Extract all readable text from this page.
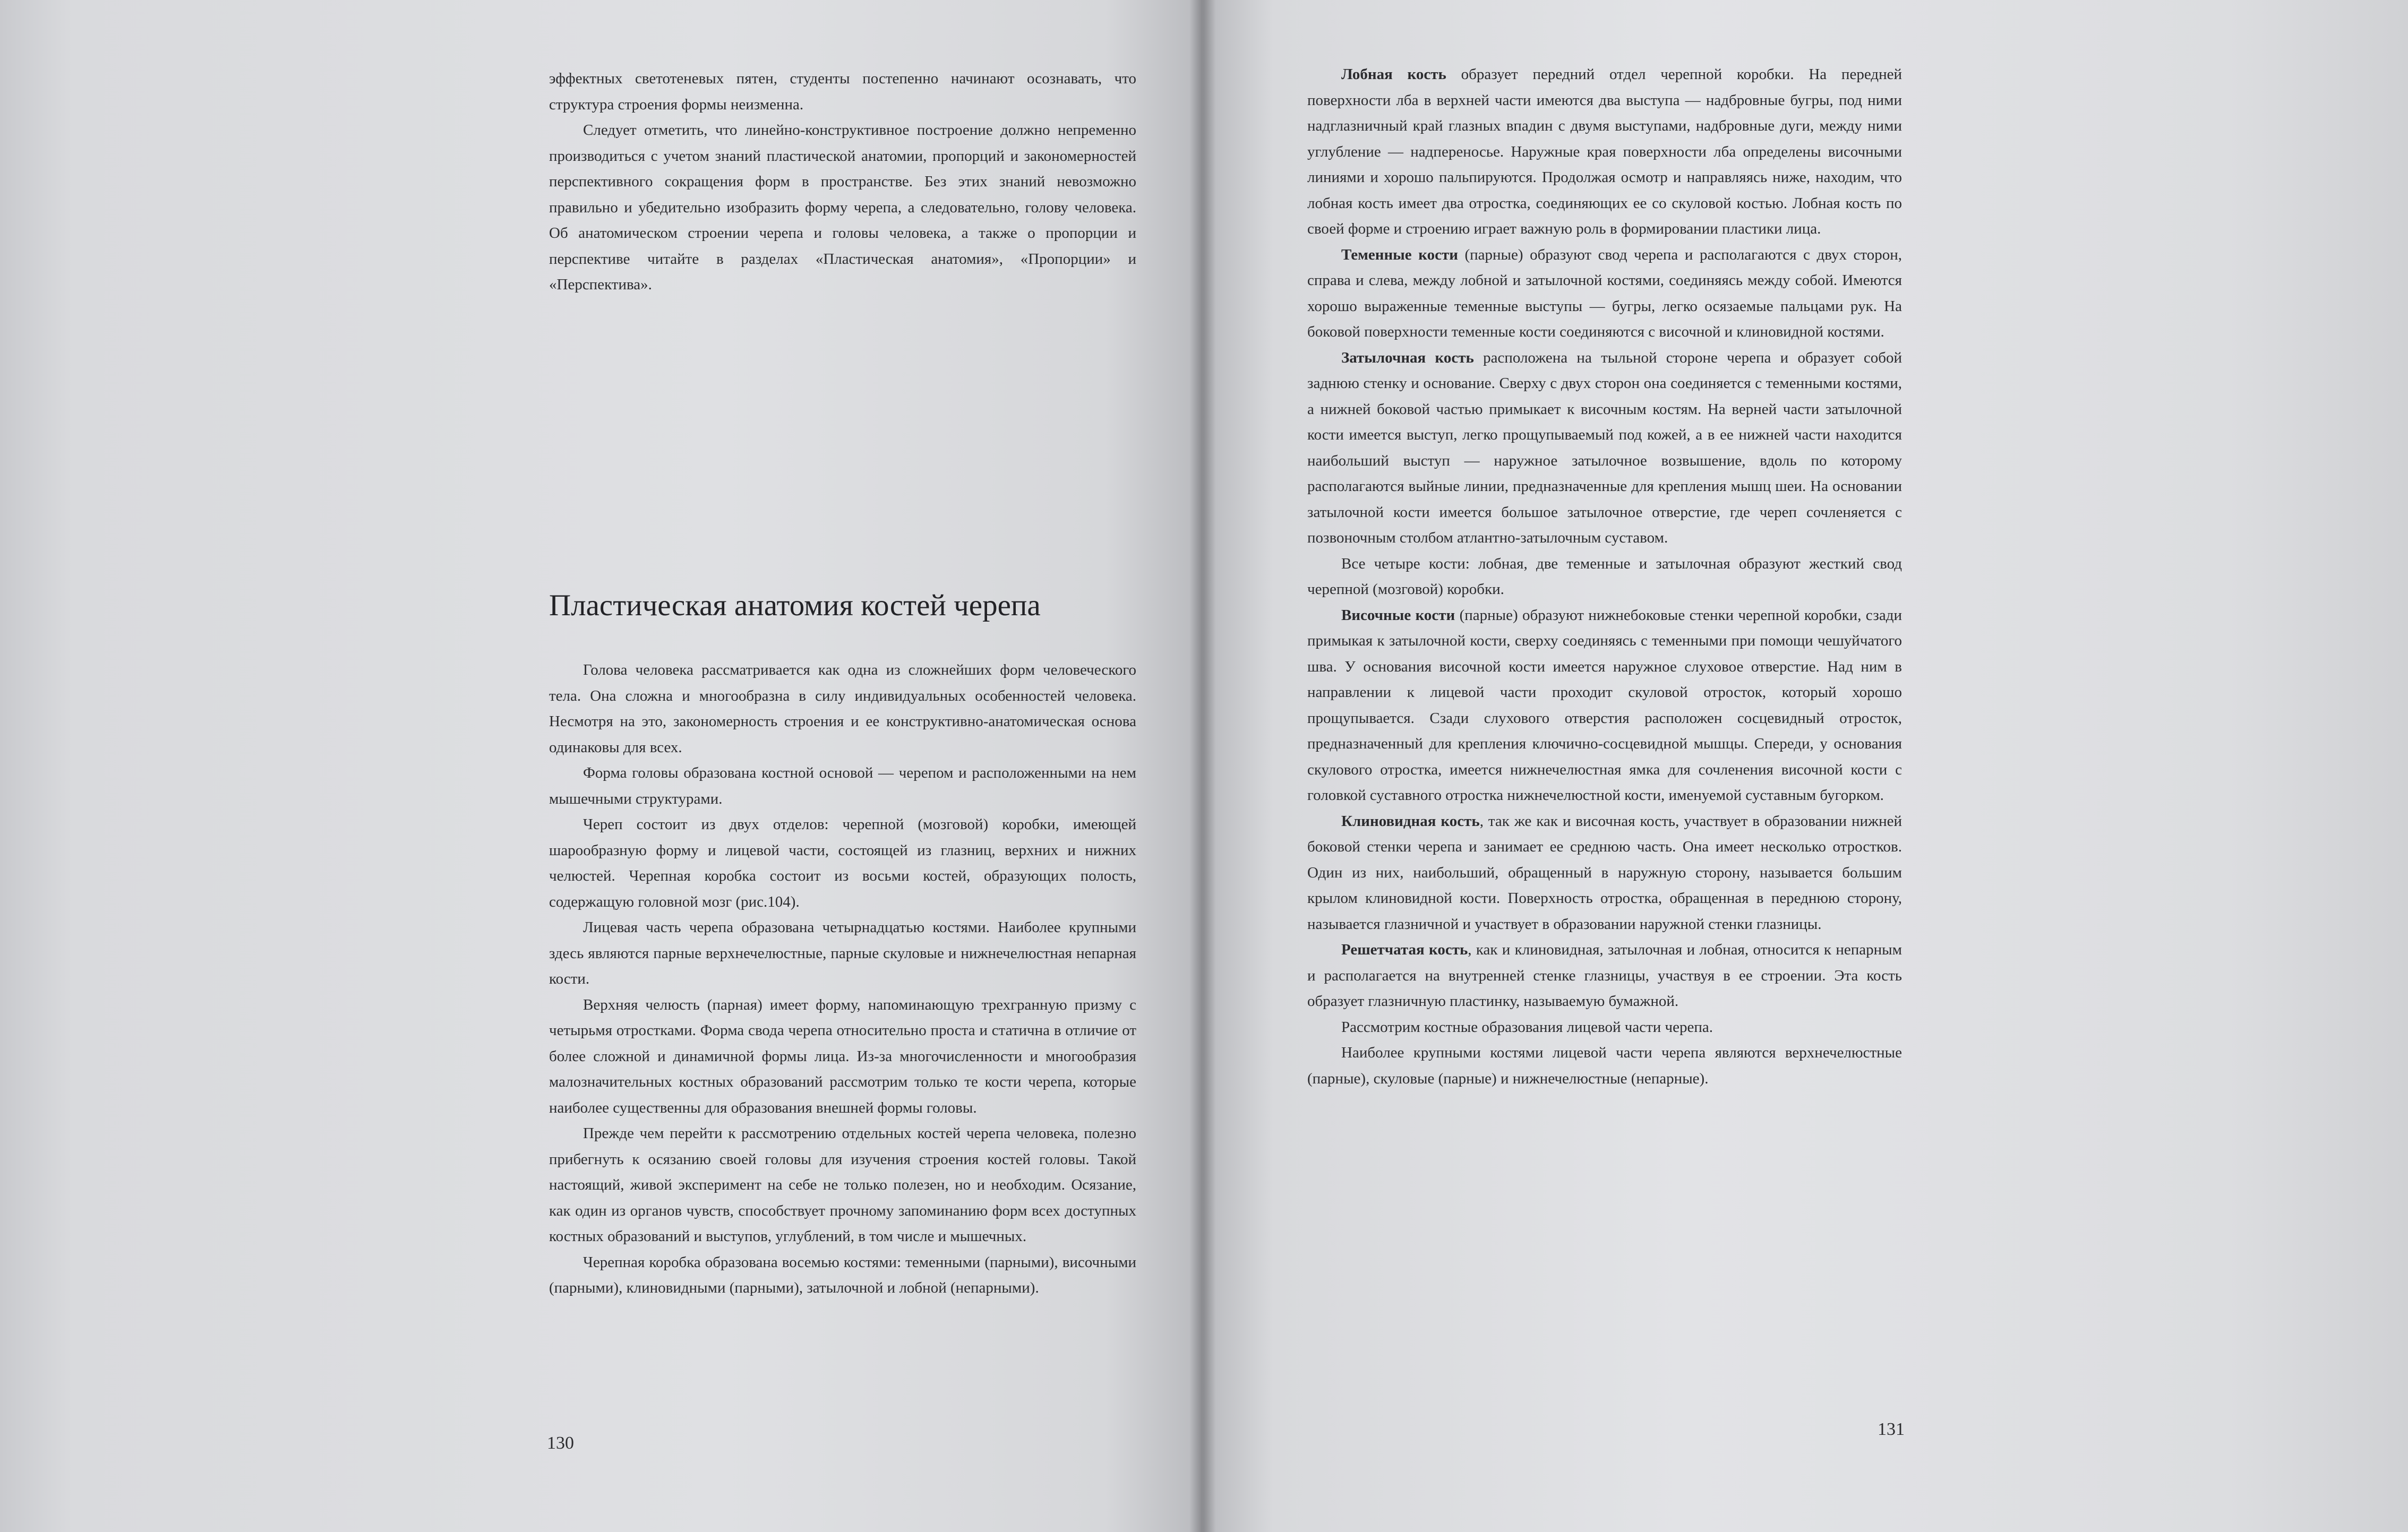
эффектных светотеневых пятен, студенты постепенно начинают осознавать, что структура строения формы неизменна.

Следует отметить, что линейно-конструктивное построение должно непременно производиться с учетом знаний пластической анатомии, пропорций и закономерностей перспективного сокращения форм в пространстве. Без этих знаний невозможно правильно и убедительно изобразить форму черепа, а следовательно, голову человека. Об анатомическом строении черепа и головы человека, а также о пропорции и перспективе читайте в разделах «Пластическая анатомия», «Пропорции» и «Перспектива».

Пластическая анатомия костей черепа

Голова человека рассматривается как одна из сложнейших форм человеческого тела. Она сложна и многообразна в силу индивидуальных особенностей человека. Несмотря на это, закономерность строения и ее конструктивно-анатомическая основа одинаковы для всех.

Форма головы образована костной основой — черепом и расположенными на нем мышечными структурами.

Череп состоит из двух отделов: черепной (мозговой) коробки, имеющей шарообразную форму и лицевой части, состоящей из глазниц, верхних и нижних челюстей. Черепная коробка состоит из восьми костей, образующих полость, содержащую головной мозг (рис.104).

Лицевая часть черепа образована четырнадцатью костями. Наиболее крупными здесь являются парные верхнечелюстные, парные скуловые и нижнечелюстная непарная кости.

Верхняя челюсть (парная) имеет форму, напоминающую трехгранную призму с четырьмя отростками. Форма свода черепа относительно проста и статична в отличие от более сложной и динамичной формы лица. Из-за многочисленности и многообразия малозначительных костных образований рассмотрим только те кости черепа, которые наиболее существенны для образования внешней формы головы.

Прежде чем перейти к рассмотрению отдельных костей черепа человека, полезно прибегнуть к осязанию своей головы для изучения строения костей головы. Такой настоящий, живой эксперимент на себе не только полезен, но и необходим. Осязание, как один из органов чувств, способствует прочному запоминанию форм всех доступных костных образований и выступов, углублений, в том числе и мышечных.

Черепная коробка образована восемью костями: теменными (парными), височными (парными), клиновидными (парными), затылочной и лобной (непарными).

130

Лобная кость образует передний отдел черепной коробки. На передней поверхности лба в верхней части имеются два выступа — надбровные бугры, под ними надглазничный край глазных впадин с двумя выступами, надбровные дуги, между ними углубление — надпереносье. Наружные края поверхности лба определены височными линиями и хорошо пальпируются. Продолжая осмотр и направляясь ниже, находим, что лобная кость имеет два отростка, соединяющих ее со скуловой костью. Лобная кость по своей форме и строению играет важную роль в формировании пластики лица.

Теменные кости (парные) образуют свод черепа и располагаются с двух сторон, справа и слева, между лобной и затылочной костями, соединяясь между собой. Имеются хорошо выраженные теменные выступы — бугры, легко осязаемые пальцами рук. На боковой поверхности теменные кости соединяются с височной и клиновидной костями.

Затылочная кость расположена на тыльной стороне черепа и образует собой заднюю стенку и основание. Сверху с двух сторон она соединяется с теменными костями, а нижней боковой частью примыкает к височным костям. На верней части затылочной кости имеется выступ, легко прощупываемый под кожей, а в ее нижней части находится наибольший выступ — наружное затылочное возвышение, вдоль по которому располагаются выйные линии, предназначенные для крепления мышц шеи. На основании затылочной кости имеется большое затылочное отверстие, где череп сочленяется с позвоночным столбом атлантно-затылочным суставом.

Все четыре кости: лобная, две теменные и затылочная образуют жесткий свод черепной (мозговой) коробки.

Височные кости (парные) образуют нижнебоковые стенки черепной коробки, сзади примыкая к затылочной кости, сверху соединяясь с теменными при помощи чешуйчатого шва. У основания височной кости имеется наружное слуховое отверстие. Над ним в направлении к лицевой части проходит скуловой отросток, который хорошо прощупывается. Сзади слухового отверстия расположен сосцевидный отросток, предназначенный для крепления ключично-сосцевидной мышцы. Спереди, у основания скулового отростка, имеется нижнечелюстная ямка для сочленения височной кости с головкой суставного отростка нижнечелюстной кости, именуемой суставным бугорком.

Клиновидная кость, так же как и височная кость, участвует в образовании нижней боковой стенки черепа и занимает ее среднюю часть. Она имеет несколько отростков. Один из них, наибольший, обращенный в наружную сторону, называется большим крылом клиновидной кости. Поверхность отростка, обращенная в переднюю сторону, называется глазничной и участвует в образовании наружной стенки глазницы.

Решетчатая кость, как и клиновидная, затылочная и лобная, относится к непарным и располагается на внутренней стенке глазницы, участвуя в ее строении. Эта кость образует глазничную пластинку, называемую бумажной.

Рассмотрим костные образования лицевой части черепа.

Наиболее крупными костями лицевой части черепа являются верхнечелюстные (парные), скуловые (парные) и нижнечелюстные (непарные).

131
